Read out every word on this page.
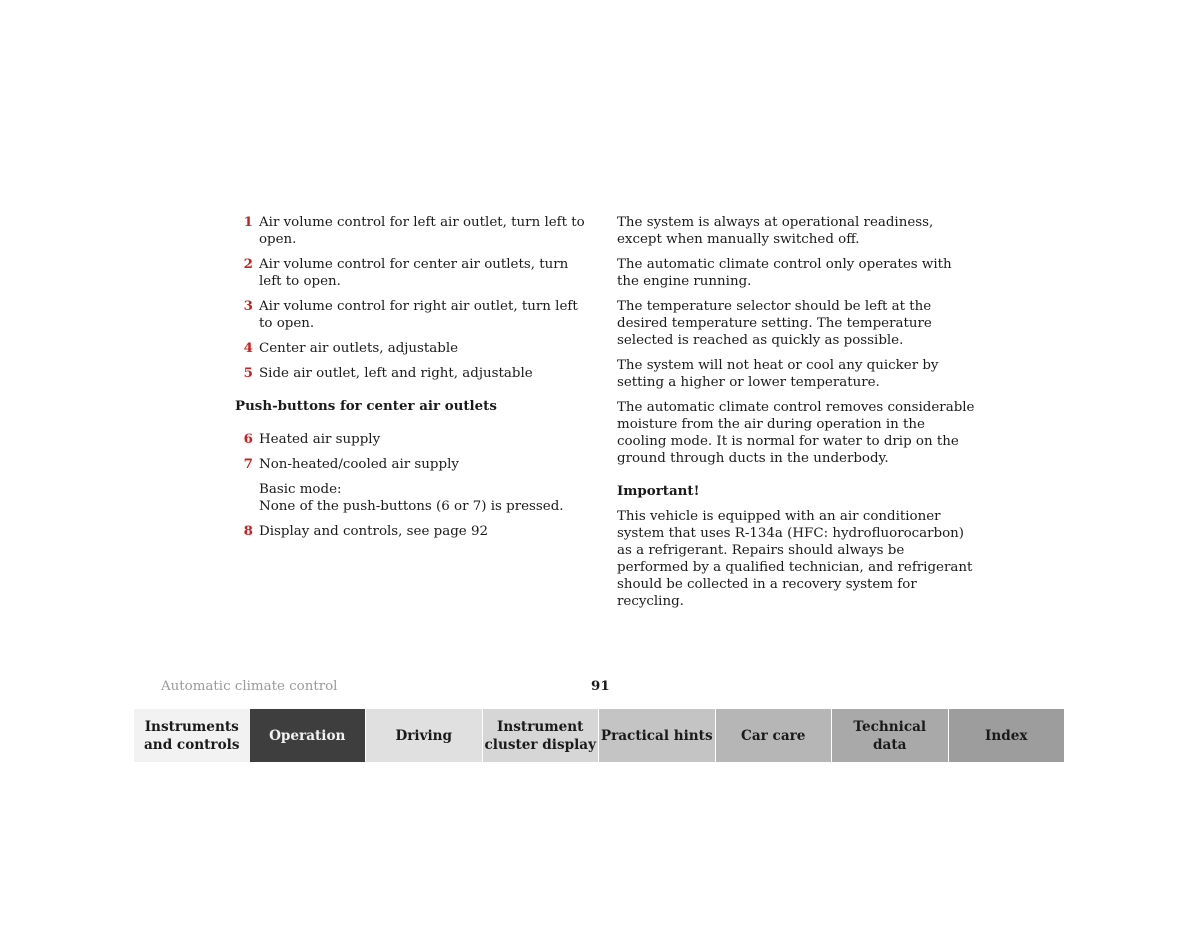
1 Air volume control for left air outlet, turn left to open.
2 Air volume control for center air outlets, turn left to open.
3 Air volume control for right air outlet, turn left to open.
4 Center air outlets, adjustable
5 Side air outlet, left and right, adjustable
Push-buttons for center air outlets
6 Heated air supply
7 Non-heated/cooled air supply
Basic mode:
None of the push-buttons (6 or 7) is pressed.
8 Display and controls, see page 92

The system is always at operational readiness, except when manually switched off.

The automatic climate control only operates with the engine running.

The temperature selector should be left at the desired temperature setting. The temperature selected is reached as quickly as possible.

The system will not heat or cool any quicker by setting a higher or lower temperature.

The automatic climate control removes considerable moisture from the air during operation in the cooling mode. It is normal for water to drip on the ground through ducts in the underbody.

Important!

This vehicle is equipped with an air conditioner system that uses R-134a (HFC: hydrofluorocarbon) as a refrigerant. Repairs should always be performed by a qualified technician, and refrigerant should be collected in a recovery system for recycling.

Automatic climate control	91
Instruments
and controls
Operation	Driving
Instrument
cluster display
Practical hints Car care
Technical
data
Index
